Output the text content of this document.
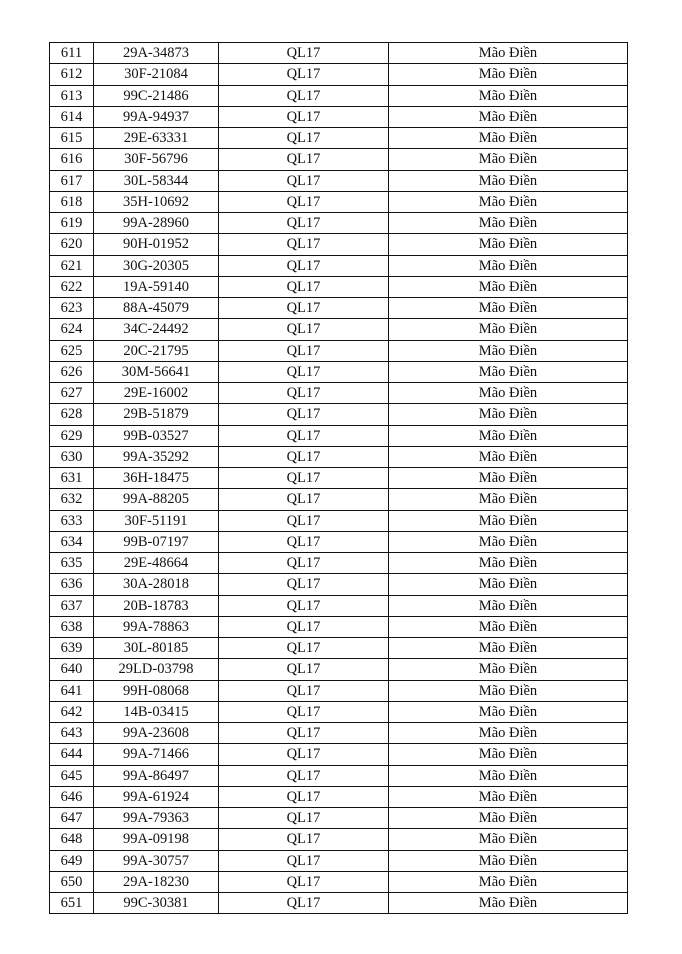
611	29A-34873	QL17	Mão Điền
612	30F-21084	QL17	Mão Điền
613	99C-21486	QL17	Mão Điền
614	99A-94937	QL17	Mão Điền
615	29E-63331	QL17	Mão Điền
616	30F-56796	QL17	Mão Điền
617	30L-58344	QL17	Mão Điền
618	35H-10692	QL17	Mão Điền
619	99A-28960	QL17	Mão Điền
620	90H-01952	QL17	Mão Điền
621	30G-20305	QL17	Mão Điền
622	19A-59140	QL17	Mão Điền
623	88A-45079	QL17	Mão Điền
624	34C-24492	QL17	Mão Điền
625	20C-21795	QL17	Mão Điền
626	30M-56641	QL17	Mão Điền
627	29E-16002	QL17	Mão Điền
628	29B-51879	QL17	Mão Điền
629	99B-03527	QL17	Mão Điền
630	99A-35292	QL17	Mão Điền
631	36H-18475	QL17	Mão Điền
632	99A-88205	QL17	Mão Điền
633	30F-51191	QL17	Mão Điền
634	99B-07197	QL17	Mão Điền
635	29E-48664	QL17	Mão Điền
636	30A-28018	QL17	Mão Điền
637	20B-18783	QL17	Mão Điền
638	99A-78863	QL17	Mão Điền
639	30L-80185	QL17	Mão Điền
640	29LD-03798	QL17	Mão Điền
641	99H-08068	QL17	Mão Điền
642	14B-03415	QL17	Mão Điền
643	99A-23608	QL17	Mão Điền
644	99A-71466	QL17	Mão Điền
645	99A-86497	QL17	Mão Điền
646	99A-61924	QL17	Mão Điền
647	99A-79363	QL17	Mão Điền
648	99A-09198	QL17	Mão Điền
649	99A-30757	QL17	Mão Điền
650	29A-18230	QL17	Mão Điền
651	99C-30381	QL17	Mão Điền
